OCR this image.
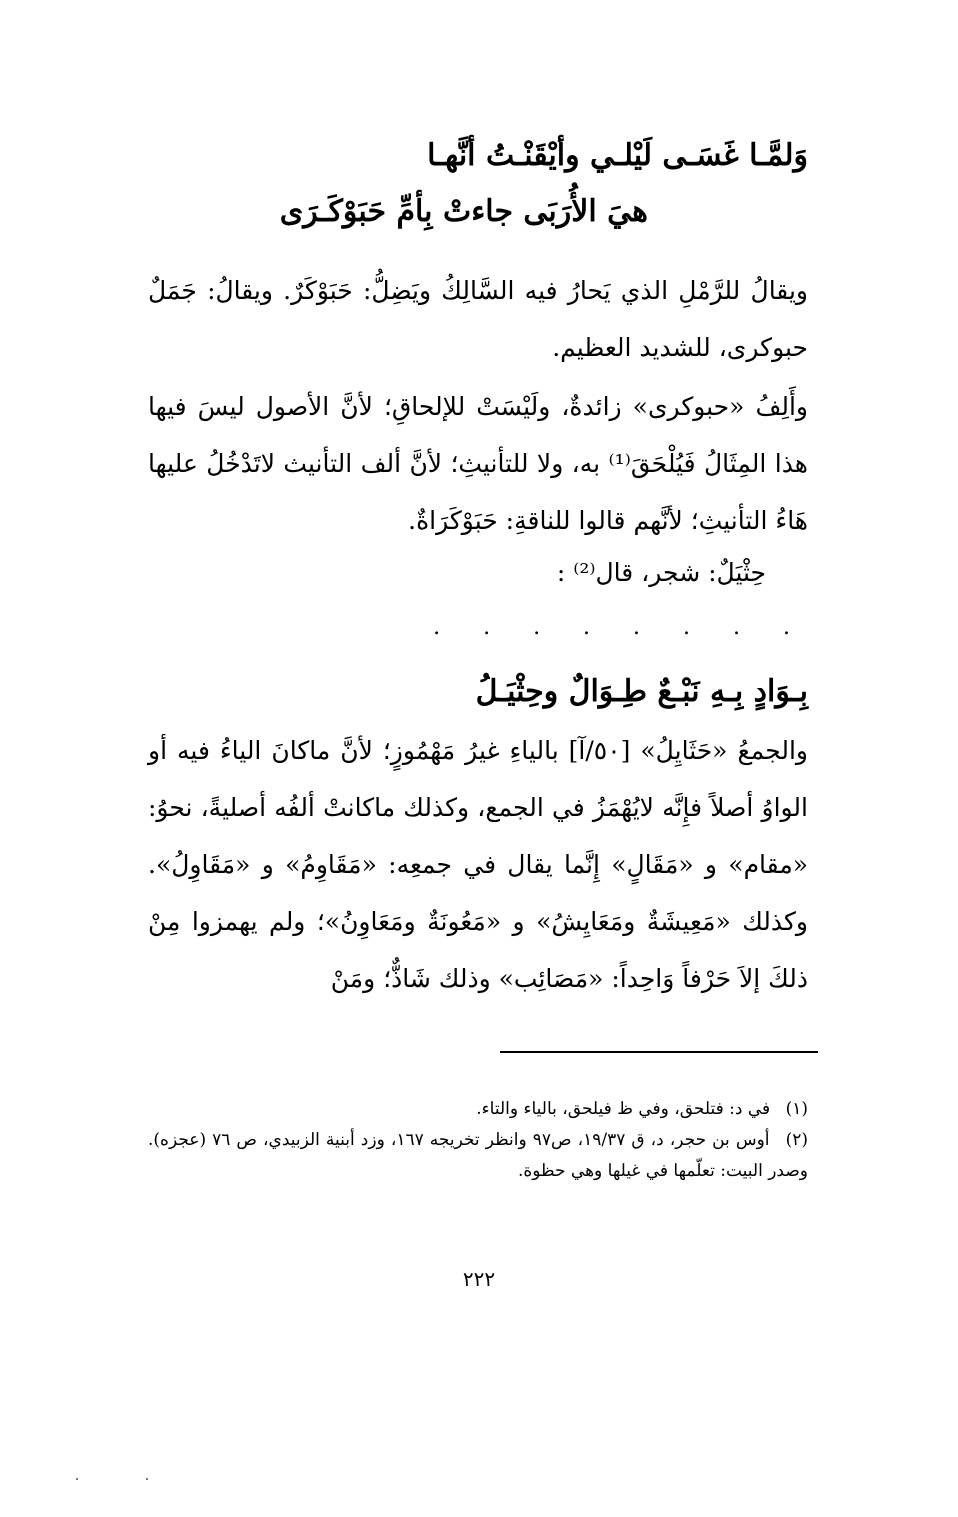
وَلمَّـا غَسَـى لَيْلـي وأيْقَنْـتُ أنَّهـا
هيَ الأُرَبَى جاءتْ بِأمِّ حَبَوْكَـرَى

ويقالُ للرَّمْلِ الذي يَحارُ فيه السَّالِكُ ويَضِلُّ: حَبَوْكَرٌ. ويقالُ: جَمَلٌ حبوكرى، للشديد العظيم.

وأَلِفُ «حبوكرى» زائدةٌ، ولَيْسَتْ للإلحاقِ؛ لأنَّ الأصول ليسَ فيها هذا المِثَالُ فَيُلْحَقَ⁽¹⁾ به، ولا للتأنيثِ؛ لأنَّ ألف التأنيث لاتَدْخُلُ عليها هَاءُ التأنيثِ؛ لأنَّهم قالوا للناقةِ: حَبَوْكَرَاةٌ.

حِثْيَلٌ: شجر، قال⁽²⁾ :
. . . . . . . .
بِـوَادٍ بِـهِ نَبْـعٌ طِـوَالٌ وحِثْيَـلُ

والجمعُ «حَثَايِلُ» [٥٠/آ] بالياءِ غيرُ مَهْمُوزٍ؛ لأنَّ ماكانَ الياءُ فيه أو الواوُ أصلاً فإِنَّه لايُهْمَزُ في الجمع، وكذلك ماكانتْ ألفُه أصليةً، نحوُ: «مقام» و «مَقَالٍ» إِنَّما يقال في جمعِه: «مَقَاوِمُ» و «مَقَاوِلُ». وكذلك «مَعِيشَةٌ ومَعَايِشُ» و «مَعُونَةٌ ومَعَاوِنُ»؛ ولم يهمزوا مِنْ ذلكَ إلاَ حَرْفاً وَاحِداً: «مَصَائِب» وذلك شَاذٌّ؛ ومَنْ

(١) في د: فتلحق، وفي ظ فيلحق، بالياء والتاء.
(٢) أوس بن حجر، د، ق ١٩/٣٧، ص٩٧ وانظر تخريجه ١٦٧، وزد أبنية الزبيدي، ص ٧٦ (عجزه). وصدر البيت: تعلّمها في غيلها وهي حظوة.
٢٢٢
